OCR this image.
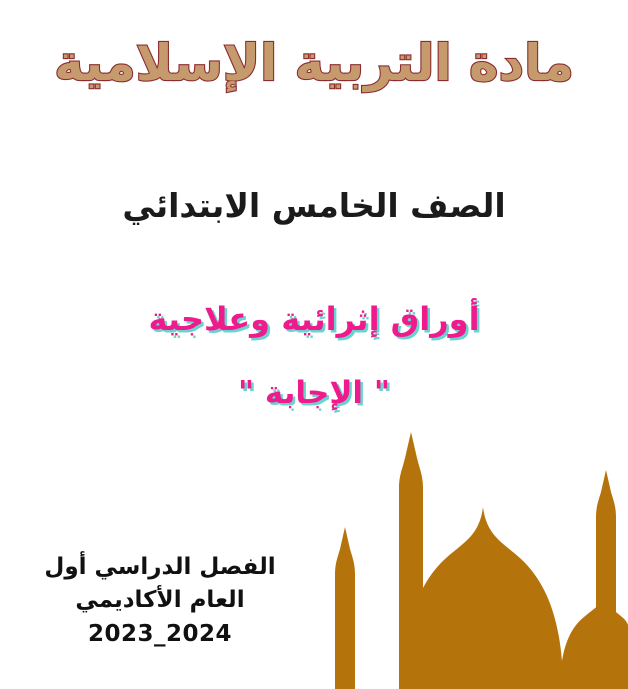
مادة التربية الإسلامية
الصف الخامس الابتدائي
أوراق إثرائية وعلاجية
" الإجابة "
الفصل الدراسي أول
العام الأكاديمي
2023_2024
